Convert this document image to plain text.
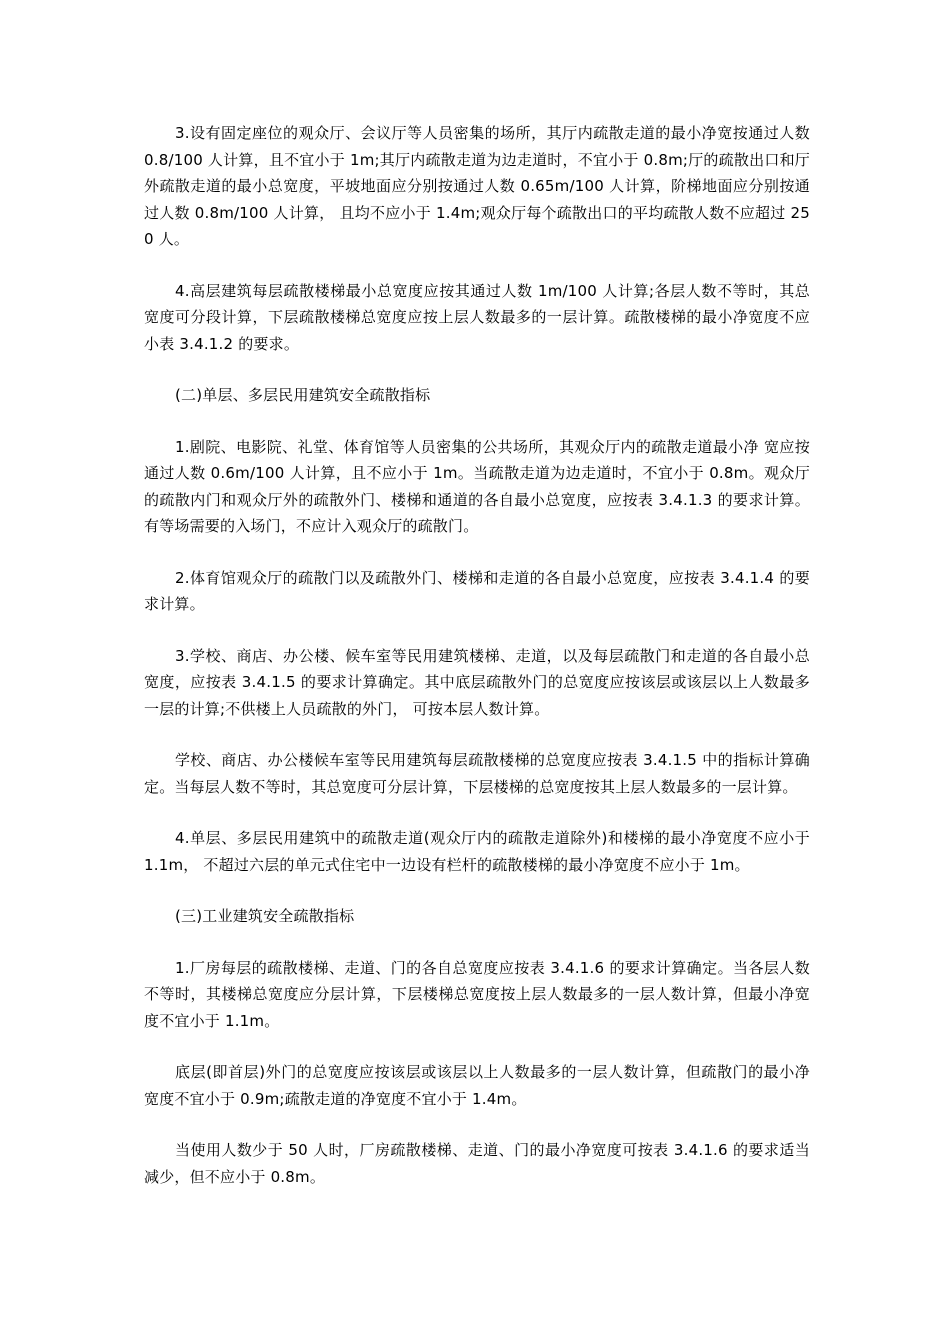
3.设有固定座位的观众厅、会议厅等人员密集的场所，其厅内疏散走道的最小净宽按通过人数 0.8/100 人计算，且不宜小于 1m;其厅内疏散走道为边走道时，不宜小于 0.8m;厅的疏散出口和厅外疏散走道的最小总宽度，平坡地面应分别按通过人数 0.65m/100 人计算，阶梯地面应分别按通过人数 0.8m/100 人计算， 且均不应小于 1.4m;观众厅每个疏散出口的平均疏散人数不应超过 250 人。

4.高层建筑每层疏散楼梯最小总宽度应按其通过人数 1m/100 人计算;各层人数不等时，其总宽度可分段计算，下层疏散楼梯总宽度应按上层人数最多的一层计算。疏散楼梯的最小净宽度不应小表 3.4.1.2 的要求。

(二)单层、多层民用建筑安全疏散指标

1.剧院、电影院、礼堂、体育馆等人员密集的公共场所，其观众厅内的疏散走道最小净 宽应按通过人数 0.6m/100 人计算，且不应小于 1m。当疏散走道为边走道时，不宜小于 0.8m。观众厅的疏散内门和观众厅外的疏散外门、楼梯和通道的各自最小总宽度，应按表 3.4.1.3 的要求计算。有等场需要的入场门，不应计入观众厅的疏散门。

2.体育馆观众厅的疏散门以及疏散外门、楼梯和走道的各自最小总宽度，应按表 3.4.1.4 的要求计算。

3.学校、商店、办公楼、候车室等民用建筑楼梯、走道，以及每层疏散门和走道的各自最小总宽度，应按表 3.4.1.5 的要求计算确定。其中底层疏散外门的总宽度应按该层或该层以上人数最多一层的计算;不供楼上人员疏散的外门， 可按本层人数计算。

学校、商店、办公楼候车室等民用建筑每层疏散楼梯的总宽度应按表 3.4.1.5 中的指标计算确定。当每层人数不等时，其总宽度可分层计算，下层楼梯的总宽度按其上层人数最多的一层计算。

4.单层、多层民用建筑中的疏散走道(观众厅内的疏散走道除外)和楼梯的最小净宽度不应小于 1.1m， 不超过六层的单元式住宅中一边设有栏杆的疏散楼梯的最小净宽度不应小于 1m。

(三)工业建筑安全疏散指标

1.厂房每层的疏散楼梯、走道、门的各自总宽度应按表 3.4.1.6 的要求计算确定。当各层人数不等时，其楼梯总宽度应分层计算，下层楼梯总宽度按上层人数最多的一层人数计算，但最小净宽度不宜小于 1.1m。

底层(即首层)外门的总宽度应按该层或该层以上人数最多的一层人数计算，但疏散门的最小净 宽度不宜小于 0.9m;疏散走道的净宽度不宜小于 1.4m。

当使用人数少于 50 人时，厂房疏散楼梯、走道、门的最小净宽度可按表 3.4.1.6 的要求适当减少，但不应小于 0.8m。
